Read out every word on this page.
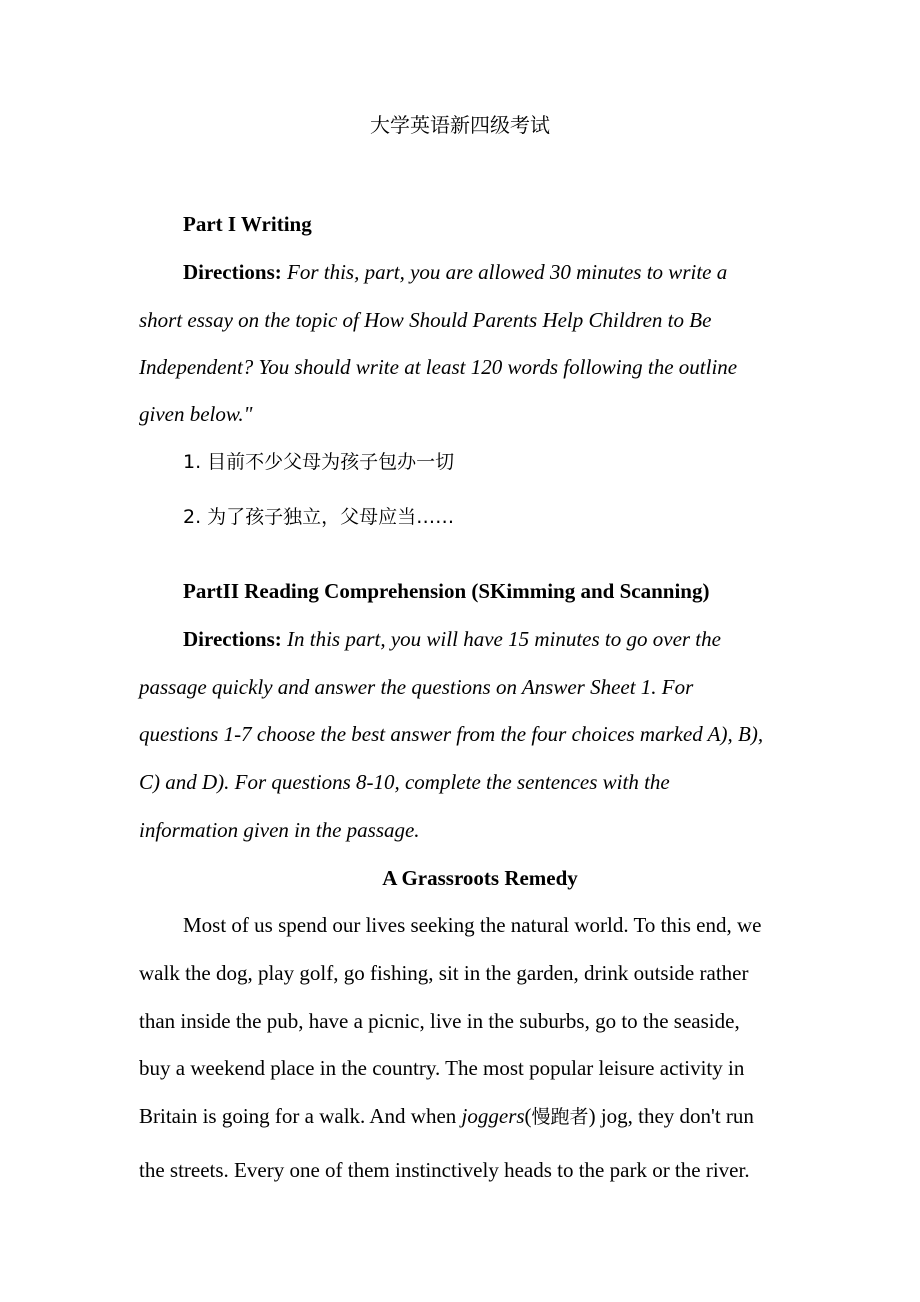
大学英语新四级考试
Part I Writing
Directions: For this, part, you are allowed 30 minutes to write a
short essay on the topic of How Should Parents Help Children to Be
Independent? You should write at least 120 words following the outline
given below."
1. 目前不少父母为孩子包办一切
2. 为了孩子独立，父母应当……
PartII Reading Comprehension (SKimming and Scanning)
Directions: In this part, you will have 15 minutes to go over the
passage quickly and answer the questions on Answer Sheet 1. For
questions 1-7 choose the best answer from the four choices marked A), B),
C) and D). For questions 8-10, complete the sentences with the
information given in the passage.
A Grassroots Remedy
Most of us spend our lives seeking the natural world. To this end, we
walk the dog, play golf, go fishing, sit in the garden, drink outside rather
than inside the pub, have a picnic, live in the suburbs, go to the seaside,
buy a weekend place in the country. The most popular leisure activity in
Britain is going for a walk. And when joggers(慢跑者) jog, they don't run
the streets. Every one of them instinctively heads to the park or the river.
